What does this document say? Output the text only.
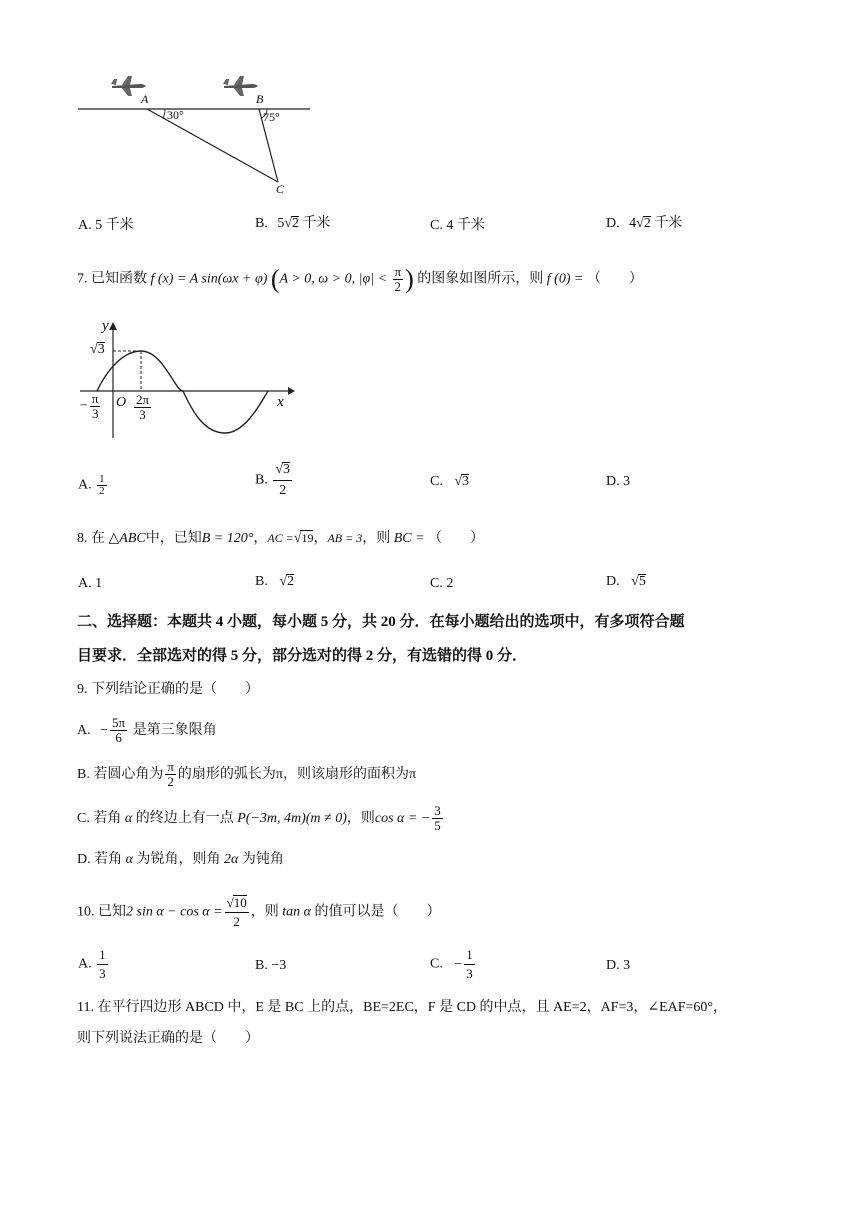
A	B
C
30°	75°
A. 5 千米	B. 5√2 千米	C. 4 千米	D. 4√2 千米
7. 已知函数 f (x) = A sin(ωx + φ) (A > 0, ω > 0, $|\varphi| < \frac{\pi}{2}$ ) 的图象如图所示，则 f (0) = （　　）
y
x
√3
O
− $\frac{\pi}{3}$	$\frac{2\pi}{3}$
A. $\frac{1}{2}$	B. $\frac{√3}{2}$	C. √3	D. 3
8. 在 △ABC中，已知B = 120°，AC =√19，AB = 3，则 BC = （　　）
A. 1	B. √2	C. 2	D. √5
二、选择题：本题共 4 小题，每小题 5 分，共 20 分．在每小题给出的选项中，有多项符合题
目要求．全部选对的得 5 分，部分选对的得 2 分，有选错的得 0 分．
9. 下列结论正确的是（　　）
A. − $\frac{5\pi}{6}$ 是第三象限角
B. 若圆心角为 $\frac{\pi}{2}$ 的扇形的弧长为π，则该扇形的面积为π
C. 若角 α 的终边上有一点 P(−3m, 4m)(m ≠ 0)，则cos α = − $\frac{3}{5}$
D. 若角 α 为锐角，则角 2α 为钝角
10. 已知2 $\sin \alpha - \cos \alpha = \frac{√10}{2}$ ，则 tan α 的值可以是（　　）
A. $\frac{1}{3}$	B. −3	C. − $\frac{1}{3}$	D. 3
11. 在平行四边形 ABCD 中，E 是 BC 上的点，BE=2EC，F 是 CD 的中点，且 AE=2，AF=3，∠EAF=60°，
则下列说法正确的是（　　）
